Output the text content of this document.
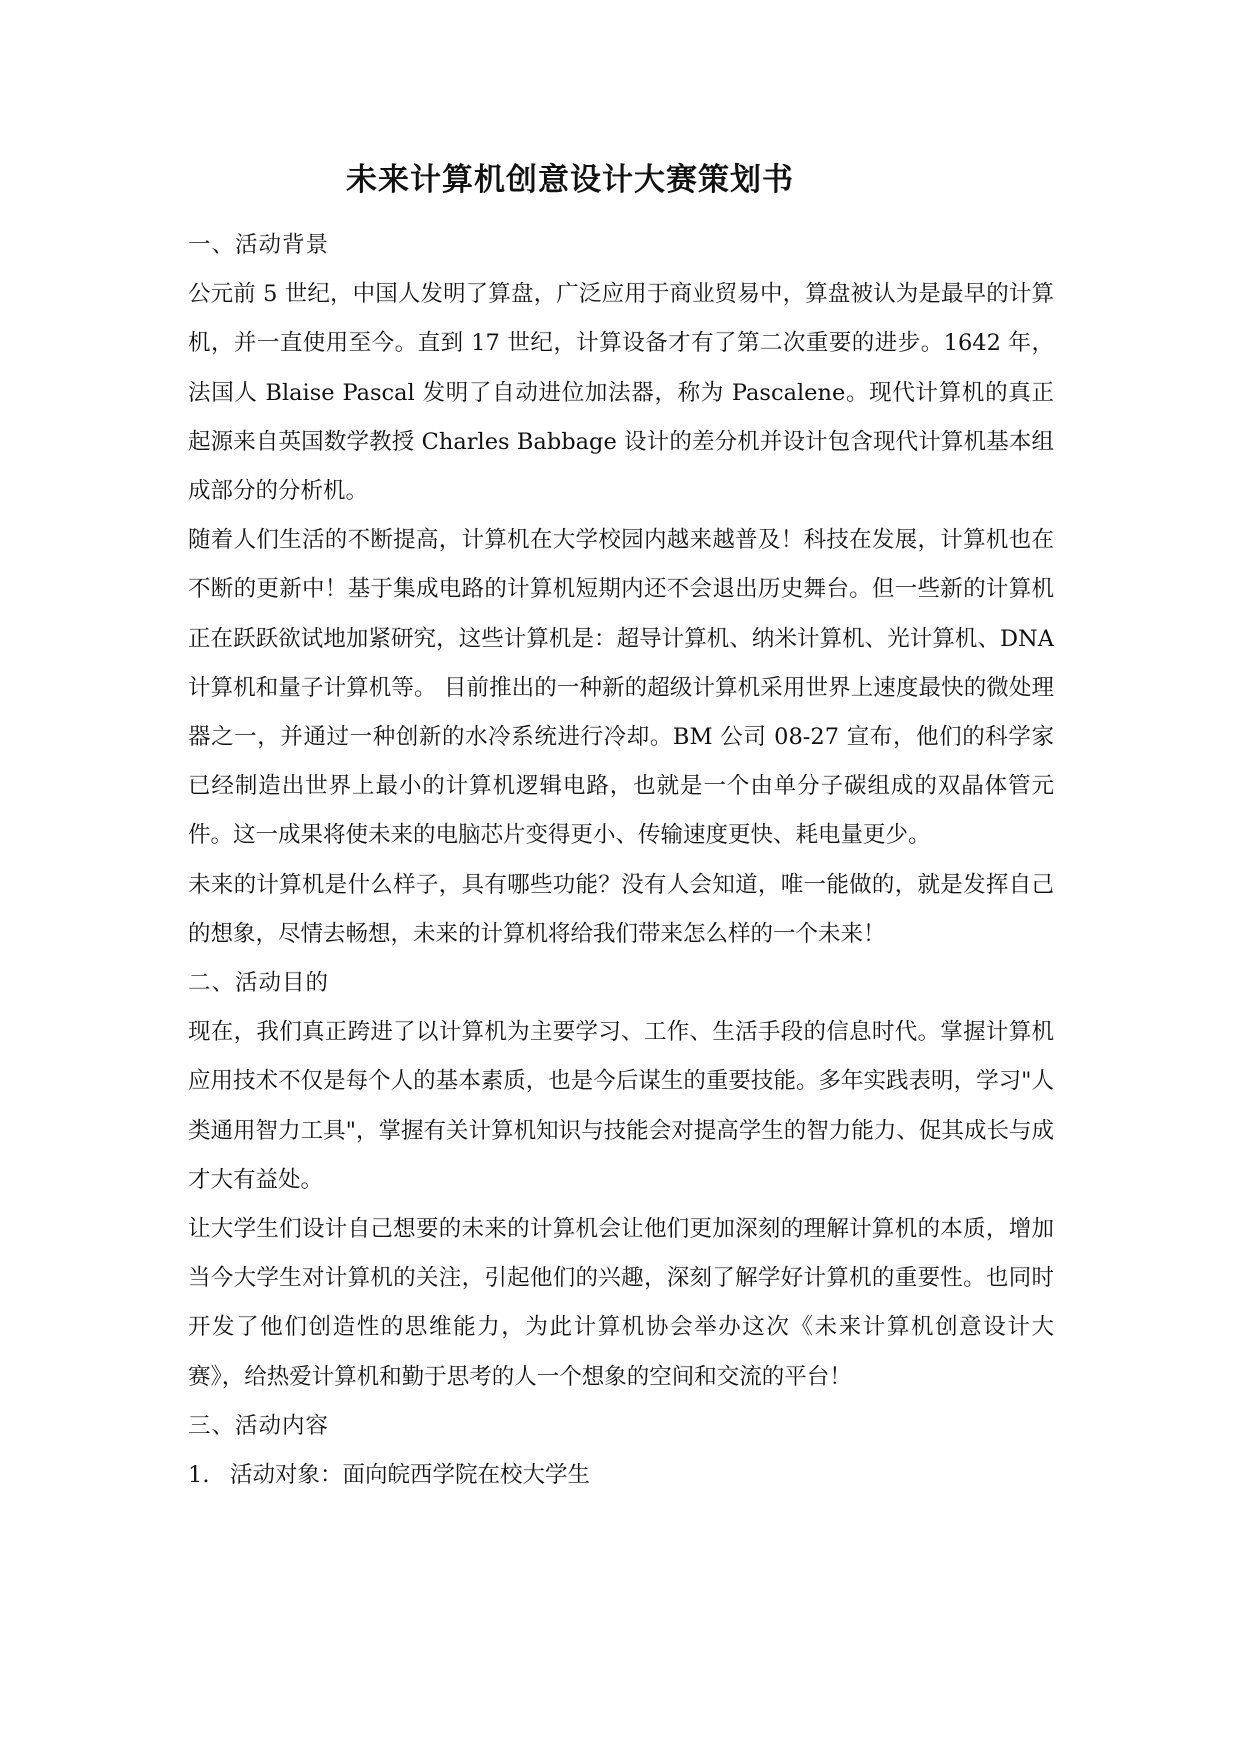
未来计算机创意设计大赛策划书

一、活动背景

公元前 5 世纪，中国人发明了算盘，广泛应用于商业贸易中，算盘被认为是最早的计算机，并一直使用至今。直到 17 世纪，计算设备才有了第二次重要的进步。1642 年，法国人 Blaise Pascal 发明了自动进位加法器，称为 Pascalene。现代计算机的真正起源来自英国数学教授 Charles Babbage 设计的差分机并设计包含现代计算机基本组成部分的分析机。

随着人们生活的不断提高，计算机在大学校园内越来越普及！科技在发展，计算机也在不断的更新中！基于集成电路的计算机短期内还不会退出历史舞台。但一些新的计算机正在跃跃欲试地加紧研究，这些计算机是：超导计算机、纳米计算机、光计算机、DNA 计算机和量子计算机等。 目前推出的一种新的超级计算机采用世界上速度最快的微处理器之一，并通过一种创新的水冷系统进行冷却。BM 公司 08-27 宣布，他们的科学家已经制造出世界上最小的计算机逻辑电路，也就是一个由单分子碳组成的双晶体管元件。这一成果将使未来的电脑芯片变得更小、传输速度更快、耗电量更少。

未来的计算机是什么样子，具有哪些功能？没有人会知道，唯一能做的，就是发挥自己的想象，尽情去畅想，未来的计算机将给我们带来怎么样的一个未来！

二、活动目的

现在，我们真正跨进了以计算机为主要学习、工作、生活手段的信息时代。掌握计算机应用技术不仅是每个人的基本素质，也是今后谋生的重要技能。多年实践表明，学习"人类通用智力工具"，掌握有关计算机知识与技能会对提高学生的智力能力、促其成长与成才大有益处。

让大学生们设计自己想要的未来的计算机会让他们更加深刻的理解计算机的本质，增加当今大学生对计算机的关注，引起他们的兴趣，深刻了解学好计算机的重要性。也同时开发了他们创造性的思维能力，为此计算机协会举办这次《未来计算机创意设计大赛》，给热爱计算机和勤于思考的人一个想象的空间和交流的平台！

三、活动内容

1. 活动对象：面向皖西学院在校大学生
